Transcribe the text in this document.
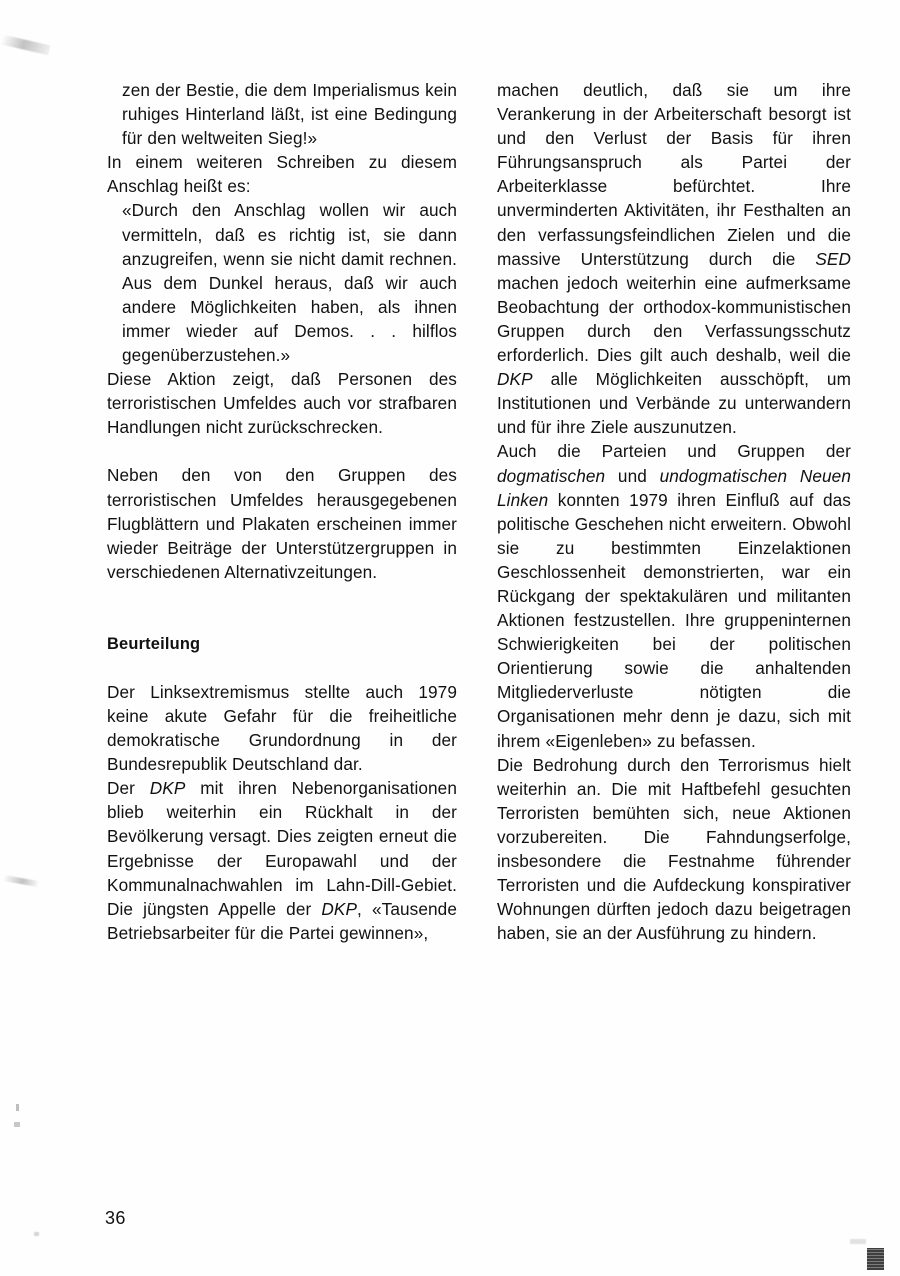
zen der Bestie, die dem Imperialismus kein ruhiges Hinterland läßt, ist eine Bedingung für den weltweiten Sieg!»

In einem weiteren Schreiben zu diesem Anschlag heißt es:

«Durch den Anschlag wollen wir auch vermitteln, daß es richtig ist, sie dann anzugreifen, wenn sie nicht damit rechnen. Aus dem Dunkel heraus, daß wir auch andere Möglichkeiten haben, als ihnen immer wieder auf Demos. . . hilflos gegenüberzustehen.»

Diese Aktion zeigt, daß Personen des terroristischen Umfeldes auch vor strafbaren Handlungen nicht zurückschrecken.

Neben den von den Gruppen des terroristischen Umfeldes herausgegebenen Flugblättern und Plakaten erscheinen immer wieder Beiträge der Unterstützergruppen in verschiedenen Alternativzeitungen.

Beurteilung

Der Linksextremismus stellte auch 1979 keine akute Gefahr für die freiheitliche demokratische Grundordnung in der Bundesrepublik Deutschland dar.

Der DKP mit ihren Nebenorganisationen blieb weiterhin ein Rückhalt in der Bevölkerung versagt. Dies zeigten erneut die Ergebnisse der Europawahl und der Kommunalnachwahlen im Lahn-Dill-Gebiet. Die jüngsten Appelle der DKP, «Tausende Betriebsarbeiter für die Partei gewinnen»,

machen deutlich, daß sie um ihre Verankerung in der Arbeiterschaft besorgt ist und den Verlust der Basis für ihren Führungsanspruch als Partei der Arbeiterklasse befürchtet. Ihre unverminderten Aktivitäten, ihr Festhalten an den verfassungsfeindlichen Zielen und die massive Unterstützung durch die SED machen jedoch weiterhin eine aufmerksame Beobachtung der orthodox-kommunistischen Gruppen durch den Verfassungsschutz erforderlich. Dies gilt auch deshalb, weil die DKP alle Möglichkeiten ausschöpft, um Institutionen und Verbände zu unterwandern und für ihre Ziele auszunutzen.

Auch die Parteien und Gruppen der dogmatischen und undogmatischen Neuen Linken konnten 1979 ihren Einfluß auf das politische Geschehen nicht erweitern. Obwohl sie zu bestimmten Einzelaktionen Geschlossenheit demonstrierten, war ein Rückgang der spektakulären und militanten Aktionen festzustellen. Ihre gruppeninternen Schwierigkeiten bei der politischen Orientierung sowie die anhaltenden Mitgliederverluste nötigten die Organisationen mehr denn je dazu, sich mit ihrem «Eigenleben» zu befassen.

Die Bedrohung durch den Terrorismus hielt weiterhin an. Die mit Haftbefehl gesuchten Terroristen bemühten sich, neue Aktionen vorzubereiten. Die Fahndungserfolge, insbesondere die Festnahme führender Terroristen und die Aufdeckung konspirativer Wohnungen dürften jedoch dazu beigetragen haben, sie an der Ausführung zu hindern.

36
